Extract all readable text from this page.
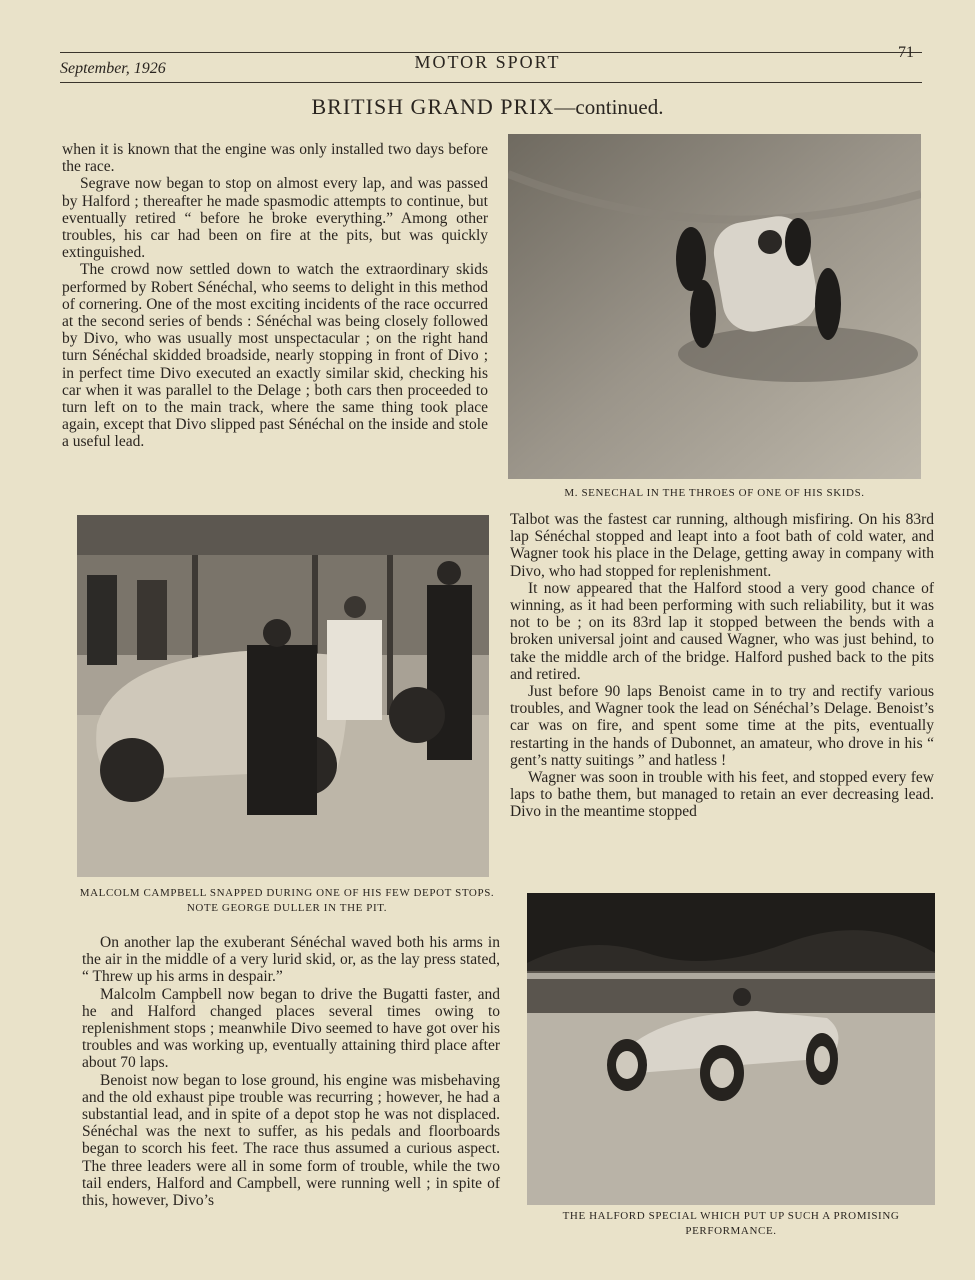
September, 1926	MOTOR SPORT	71
BRITISH GRAND PRIX—continued.

when it is known that the engine was only installed two days before the race.

Segrave now began to stop on almost every lap, and was passed by Halford ; thereafter he made spasmodic attempts to continue, but eventually retired “ before he broke everything.” Among other troubles, his car had been on fire at the pits, but was quickly extinguished.

The crowd now settled down to watch the extraordinary skids performed by Robert Sénéchal, who seems to delight in this method of cornering. One of the most exciting incidents of the race occurred at the second series of bends : Sénéchal was being closely followed by Divo, who was usually most unspectacular ; on the right hand turn Sénéchal skidded broadside, nearly stopping in front of Divo ; in perfect time Divo executed an exactly similar skid, checking his car when it was parallel to the Delage ; both cars then proceeded to turn left on to the main track, where the same thing took place again, except that Divo slipped past Sénéchal on the inside and stole a useful lead.

M. SENECHAL IN THE THROES OF ONE OF HIS SKIDS.
MALCOLM CAMPBELL SNAPPED DURING ONE OF HIS FEW DEPOT STOPS. NOTE GEORGE DULLER IN THE PIT.

On another lap the exuberant Sénéchal waved both his arms in the air in the middle of a very lurid skid, or, as the lay press stated, “ Threw up his arms in despair.”

Malcolm Campbell now began to drive the Bugatti faster, and he and Halford changed places several times owing to replenishment stops ; meanwhile Divo seemed to have got over his troubles and was working up, eventually attaining third place after about 70 laps.

Benoist now began to lose ground, his engine was misbehaving and the old exhaust pipe trouble was recurring ; however, he had a substantial lead, and in spite of a depot stop he was not displaced. Sénéchal was the next to suffer, as his pedals and floorboards began to scorch his feet. The race thus assumed a curious aspect. The three leaders were all in some form of trouble, while the two tail enders, Halford and Campbell, were running well ; in spite of this, however, Divo’s

Talbot was the fastest car running, although misfiring. On his 83rd lap Sénéchal stopped and leapt into a foot bath of cold water, and Wagner took his place in the Delage, getting away in company with Divo, who had stopped for replenishment.

It now appeared that the Halford stood a very good chance of winning, as it had been performing with such reliability, but it was not to be ; on its 83rd lap it stopped between the bends with a broken universal joint and caused Wagner, who was just behind, to take the middle arch of the bridge. Halford pushed back to the pits and retired.

Just before 90 laps Benoist came in to try and rectify various troubles, and Wagner took the lead on Sénéchal’s Delage. Benoist’s car was on fire, and spent some time at the pits, eventually restarting in the hands of Dubonnet, an amateur, who drove in his “ gent’s natty suitings ” and hatless !

Wagner was soon in trouble with his feet, and stopped every few laps to bathe them, but managed to retain an ever decreasing lead. Divo in the meantime stopped

THE HALFORD SPECIAL WHICH PUT UP SUCH A PROMISING PERFORMANCE.
